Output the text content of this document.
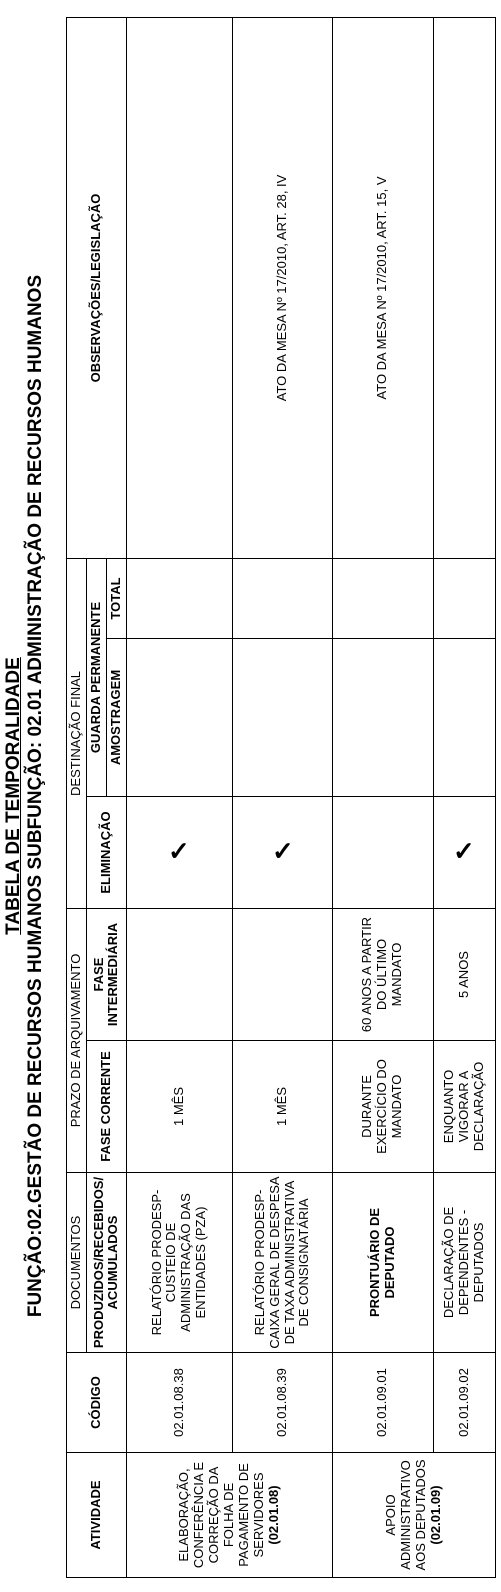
TABELA DE TEMPORALIDADE FUNÇÃO:02.GESTÃO DE RECURSOS HUMANOS SUBFUNÇÃO: 02.01 ADMINISTRAÇÃO DE RECURSOS HUMANOS
ATIVIDADE	CÓDIGO	DOCUMENTOS	PRAZO DE ARQUIVAMENTO		DESTINAÇÃO FINAL			OBSERVAÇÕES/LEGISLAÇÃO
		PRODUZIDOS/RECEBIDOS/ ACUMULADOS	FASE CORRENTE	FASE INTERMEDIÁRIA	ELIMINAÇÃO	GUARDA PERMANENTE		
						AMOSTRAGEM	TOTAL	
ELABORAÇÃO, CONFERÊNCIA E CORREÇÃO DA FOLHA DE PAGAMENTO DE SERVIDORES
(02.01.08)	02.01.08.38	RELATÓRIO PRODESP- CUSTEIO DE ADMINISTRAÇÃO DAS ENTIDADES (PZA)	1 MÊS		✓			
	02.01.08.39	RELATÓRIO PRODESP- CAIXA GERAL DE DESPESA DE TAXA ADMINISTRATIVA DE CONSIGNATÁRIA	1 MÊS		✓			ATO DA MESA Nº 17/2010, ART. 28, IV
APOIO ADMINISTRATIVO AOS DEPUTADOS
(02.01.09)	02.01.09.01	PRONTUÁRIO DE DEPUTADO	DURANTE EXERCÍCIO DO MANDATO	60 ANOS A PARTIR DO ÚLTIMO MANDATO				ATO DA MESA Nº 17/2010, ART. 15, V
	02.01.09.02	DECLARAÇÃO DE DEPENDENTES - DEPUTADOS	ENQUANTO VIGORAR A DECLARAÇÃO	5 ANOS	✓			
